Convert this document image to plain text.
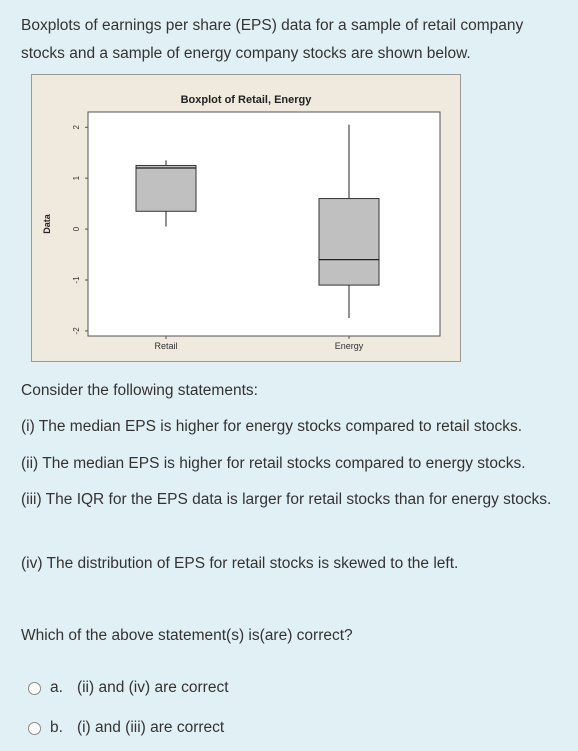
Boxplots of earnings per share (EPS) data for a sample of retail company stocks and a sample of energy company stocks are shown below.
Boxplot of Retail, Energy
Data
-2
-1
0
1
2
Retail	Energy
Consider the following statements:
(i) The median EPS is higher for energy stocks compared to retail stocks.
(ii) The median EPS is higher for retail stocks compared to energy stocks.
(iii) The IQR for the EPS data is larger for retail stocks than for energy stocks.
(iv) The distribution of EPS for retail stocks is skewed to the left.
Which of the above statement(s) is(are) correct?
a. (ii) and (iv) are correct
b. (i) and (iii) are correct
